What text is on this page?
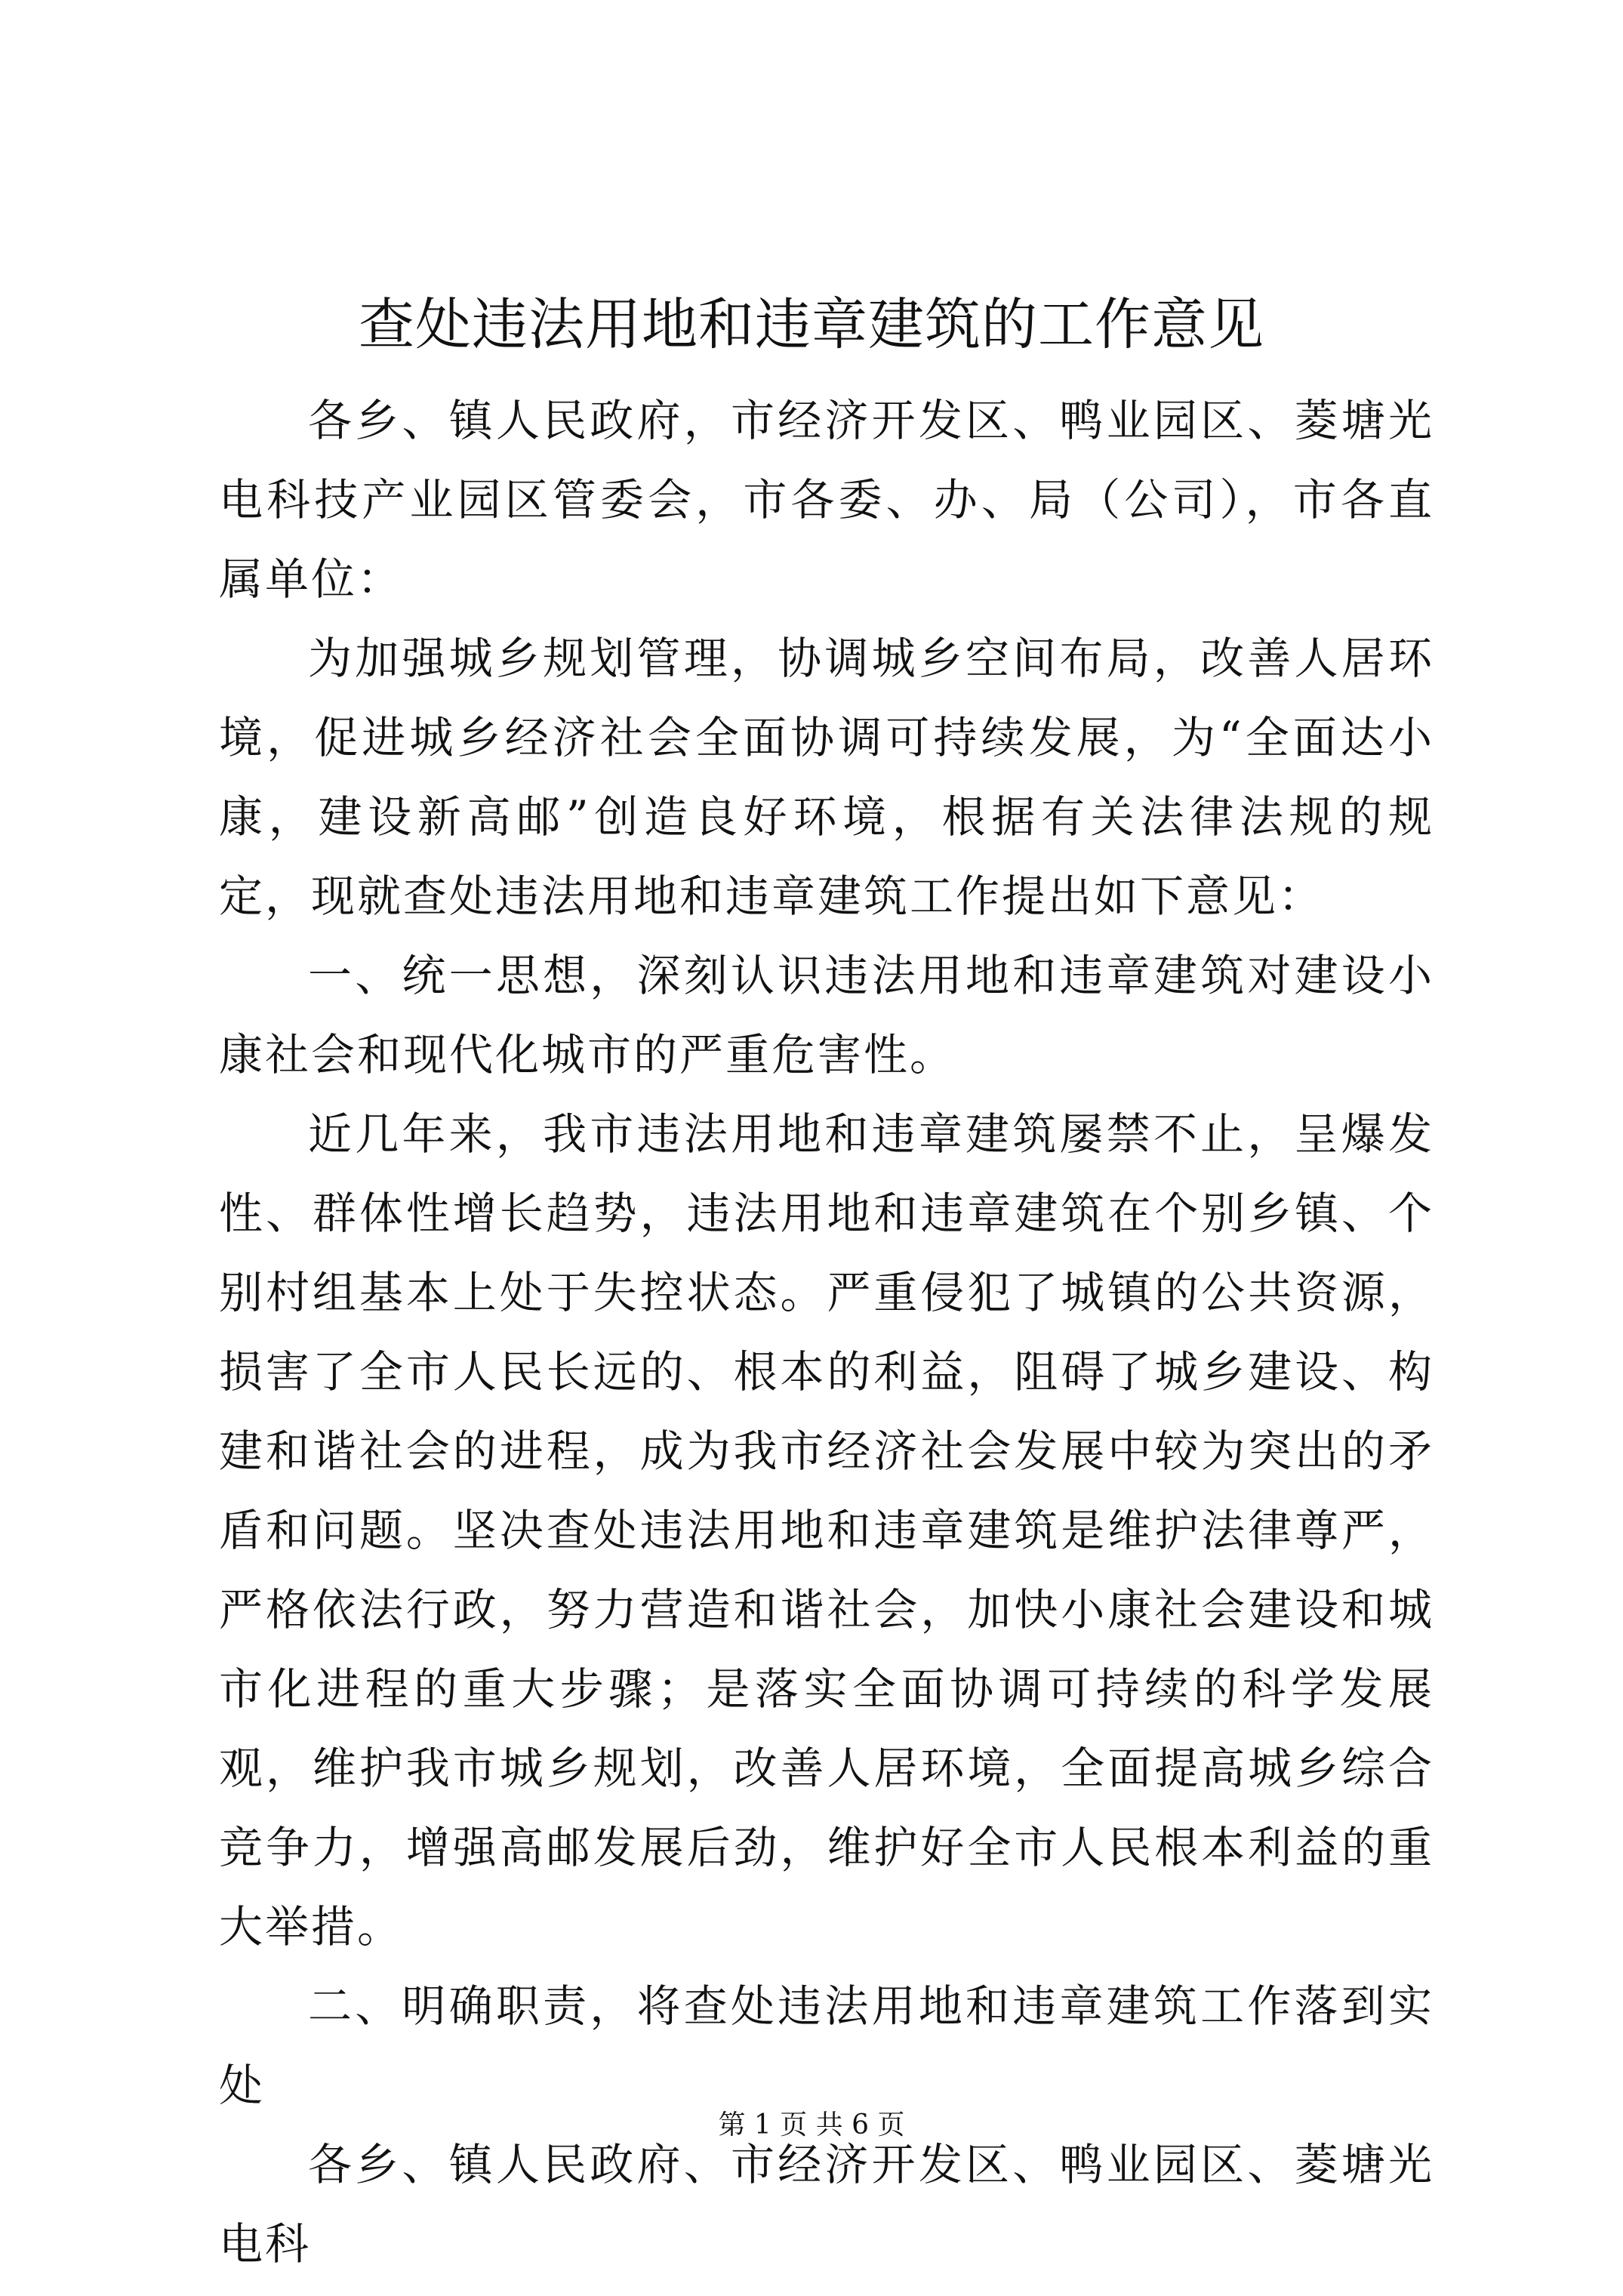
查处违法用地和违章建筑的工作意见

各乡、镇人民政府，市经济开发区、鸭业园区、菱塘光电科技产业园区管委会，市各委、办、局（公司），市各直属单位：

为加强城乡规划管理，协调城乡空间布局，改善人居环境，促进城乡经济社会全面协调可持续发展，为“全面达小康，建设新高邮”创造良好环境，根据有关法律法规的规定，现就查处违法用地和违章建筑工作提出如下意见：

一、统一思想，深刻认识违法用地和违章建筑对建设小康社会和现代化城市的严重危害性。

近几年来，我市违法用地和违章建筑屡禁不止，呈爆发性、群体性增长趋势，违法用地和违章建筑在个别乡镇、个别村组基本上处于失控状态。严重侵犯了城镇的公共资源，损害了全市人民长远的、根本的利益，阻碍了城乡建设、构建和谐社会的进程，成为我市经济社会发展中较为突出的矛盾和问题。坚决查处违法用地和违章建筑是维护法律尊严，严格依法行政，努力营造和谐社会，加快小康社会建设和城市化进程的重大步骤；是落实全面协调可持续的科学发展观，维护我市城乡规划，改善人居环境，全面提高城乡综合竞争力，增强高邮发展后劲，维护好全市人民根本利益的重大举措。

二、明确职责，将查处违法用地和违章建筑工作落到实处

各乡、镇人民政府、市经济开发区、鸭业园区、菱塘光电科

第 1 页 共 6 页
